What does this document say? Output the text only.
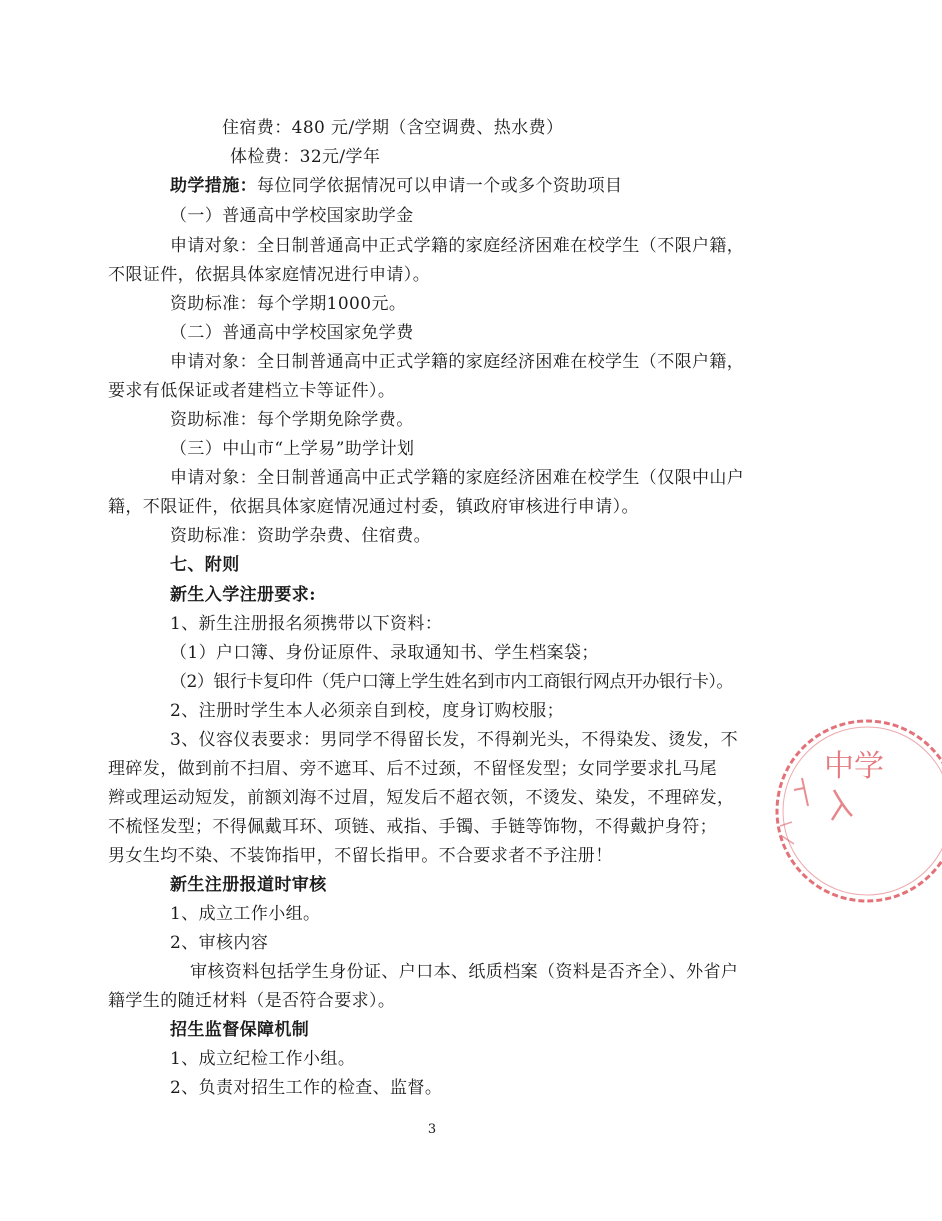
住宿费：480 元/学期（含空调费、热水费）
体检费：32元/学年
助学措施：每位同学依据情况可以申请一个或多个资助项目
（一）普通高中学校国家助学金
申请对象：全日制普通高中正式学籍的家庭经济困难在校学生（不限户籍，
不限证件，依据具体家庭情况进行申请）。
资助标准：每个学期1000元。
（二）普通高中学校国家免学费
申请对象：全日制普通高中正式学籍的家庭经济困难在校学生（不限户籍，
要求有低保证或者建档立卡等证件）。
资助标准：每个学期免除学费。
（三）中山市“上学易”助学计划
申请对象：全日制普通高中正式学籍的家庭经济困难在校学生（仅限中山户
籍，不限证件，依据具体家庭情况通过村委，镇政府审核进行申请）。
资助标准：资助学杂费、住宿费。
七、附则
新生入学注册要求:
1、新生注册报名须携带以下资料：
（1）户口簿、身份证原件、录取通知书、学生档案袋；
（2）银行卡复印件（凭户口簿上学生姓名到市内工商银行网点开办银行卡）。
2、注册时学生本人必须亲自到校，度身订购校服；
3、仪容仪表要求：男同学不得留长发，不得剃光头，不得染发、烫发，不
理碎发，做到前不扫眉、旁不遮耳、后不过颈，不留怪发型；女同学要求扎马尾
辫或理运动短发，前额刘海不过眉，短发后不超衣领，不烫发、染发，不理碎发，
不梳怪发型；不得佩戴耳环、项链、戒指、手镯、手链等饰物，不得戴护身符；
男女生均不染、不装饰指甲，不留长指甲。不合要求者不予注册！
新生注册报道时审核
1、成立工作小组。
2、审核内容
审核资料包括学生身份证、户口本、纸质档案（资料是否齐全）、外省户
籍学生的随迁材料（是否符合要求）。
招生监督保障机制
1、成立纪检工作小组。
2、负责对招生工作的检查、监督。
3
中学
